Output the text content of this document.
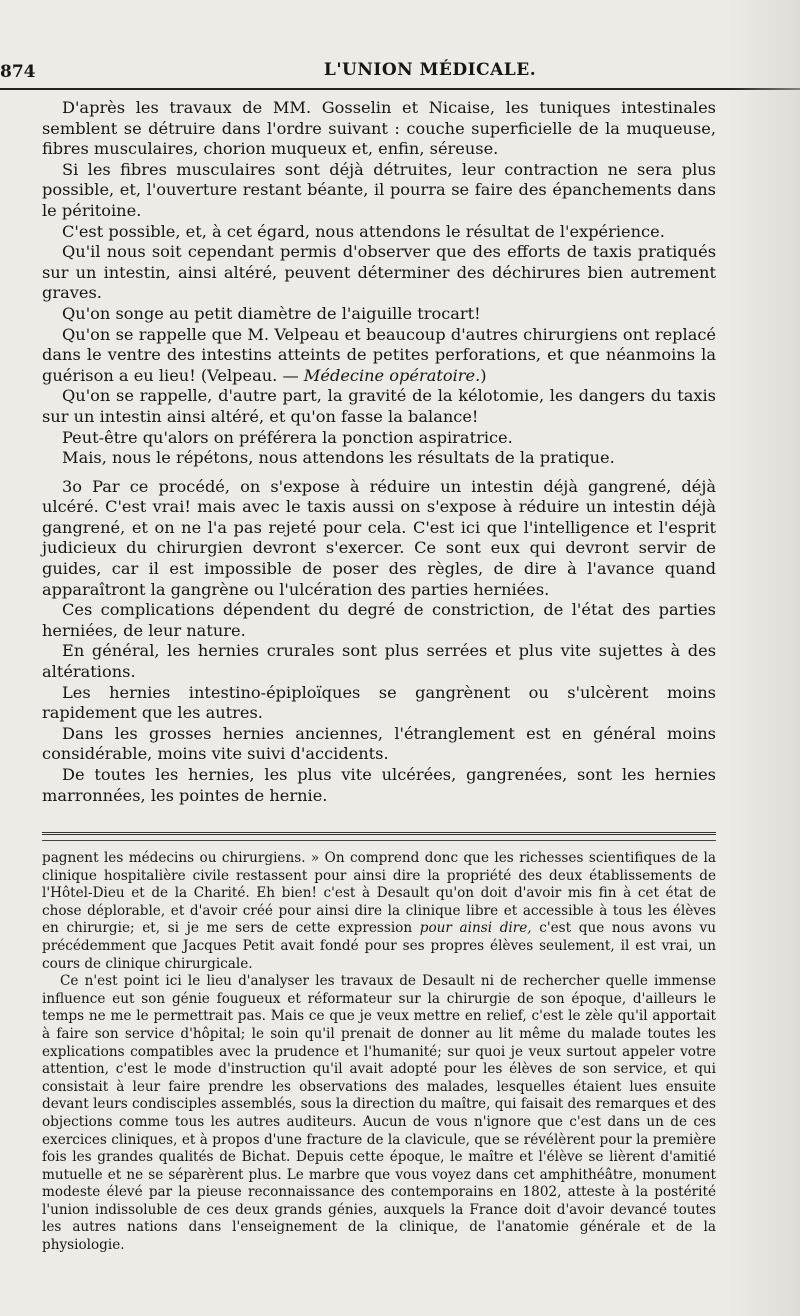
874	L'UNION MÉDICALE.

D'après les travaux de MM. Gosselin et Nicaise, les tuniques intestinales semblent se détruire dans l'ordre suivant : couche superficielle de la muqueuse, fibres musculaires, chorion muqueux et, enfin, séreuse.

Si les fibres musculaires sont déjà détruites, leur contraction ne sera plus possible, et, l'ouverture restant béante, il pourra se faire des épanchements dans le péritoine.

C'est possible, et, à cet égard, nous attendons le résultat de l'expérience.

Qu'il nous soit cependant permis d'observer que des efforts de taxis pratiqués sur un intestin, ainsi altéré, peuvent déterminer des déchirures bien autrement graves.

Qu'on songe au petit diamètre de l'aiguille trocart!

Qu'on se rappelle que M. Velpeau et beaucoup d'autres chirurgiens ont replacé dans le ventre des intestins atteints de petites perforations, et que néanmoins la guérison a eu lieu! (Velpeau. — Médecine opératoire.)

Qu'on se rappelle, d'autre part, la gravité de la kélotomie, les dangers du taxis sur un intestin ainsi altéré, et qu'on fasse la balance!

Peut-être qu'alors on préférera la ponction aspiratrice.

Mais, nous le répétons, nous attendons les résultats de la pratique.

3o Par ce procédé, on s'expose à réduire un intestin déjà gangrené, déjà ulcéré. C'est vrai! mais avec le taxis aussi on s'expose à réduire un intestin déjà gangrené, et on ne l'a pas rejeté pour cela. C'est ici que l'intelligence et l'esprit judicieux du chirurgien devront s'exercer. Ce sont eux qui devront servir de guides, car il est impossible de poser des règles, de dire à l'avance quand apparaîtront la gangrène ou l'ulcération des parties herniées.

Ces complications dépendent du degré de constriction, de l'état des parties herniées, de leur nature.

En général, les hernies crurales sont plus serrées et plus vite sujettes à des altérations.

Les hernies intestino-épiploïques se gangrènent ou s'ulcèrent moins rapidement que les autres.

Dans les grosses hernies anciennes, l'étranglement est en général moins considérable, moins vite suivi d'accidents.

De toutes les hernies, les plus vite ulcérées, gangrenées, sont les hernies marronnées, les pointes de hernie.

pagnent les médecins ou chirurgiens. » On comprend donc que les richesses scientifiques de la clinique hospitalière civile restassent pour ainsi dire la propriété des deux établissements de l'Hôtel-Dieu et de la Charité. Eh bien! c'est à Desault qu'on doit d'avoir mis fin à cet état de chose déplorable, et d'avoir créé pour ainsi dire la clinique libre et accessible à tous les élèves en chirurgie; et, si je me sers de cette expression pour ainsi dire, c'est que nous avons vu précédemment que Jacques Petit avait fondé pour ses propres élèves seulement, il est vrai, un cours de clinique chirurgicale.

Ce n'est point ici le lieu d'analyser les travaux de Desault ni de rechercher quelle immense influence eut son génie fougueux et réformateur sur la chirurgie de son époque, d'ailleurs le temps ne me le permettrait pas. Mais ce que je veux mettre en relief, c'est le zèle qu'il apportait à faire son service d'hôpital; le soin qu'il prenait de donner au lit même du malade toutes les explications compatibles avec la prudence et l'humanité; sur quoi je veux surtout appeler votre attention, c'est le mode d'instruction qu'il avait adopté pour les élèves de son service, et qui consistait à leur faire prendre les observations des malades, lesquelles étaient lues ensuite devant leurs condisciples assemblés, sous la direction du maître, qui faisait des remarques et des objections comme tous les autres auditeurs. Aucun de vous n'ignore que c'est dans un de ces exercices cliniques, et à propos d'une fracture de la clavicule, que se révélèrent pour la première fois les grandes qualités de Bichat. Depuis cette époque, le maître et l'élève se lièrent d'amitié mutuelle et ne se séparèrent plus. Le marbre que vous voyez dans cet amphithéâtre, monument modeste élevé par la pieuse reconnaissance des contemporains en 1802, atteste à la postérité l'union indissoluble de ces deux grands génies, auxquels la France doit d'avoir devancé toutes les autres nations dans l'enseignement de la clinique, de l'anatomie générale et de la physiologie.
